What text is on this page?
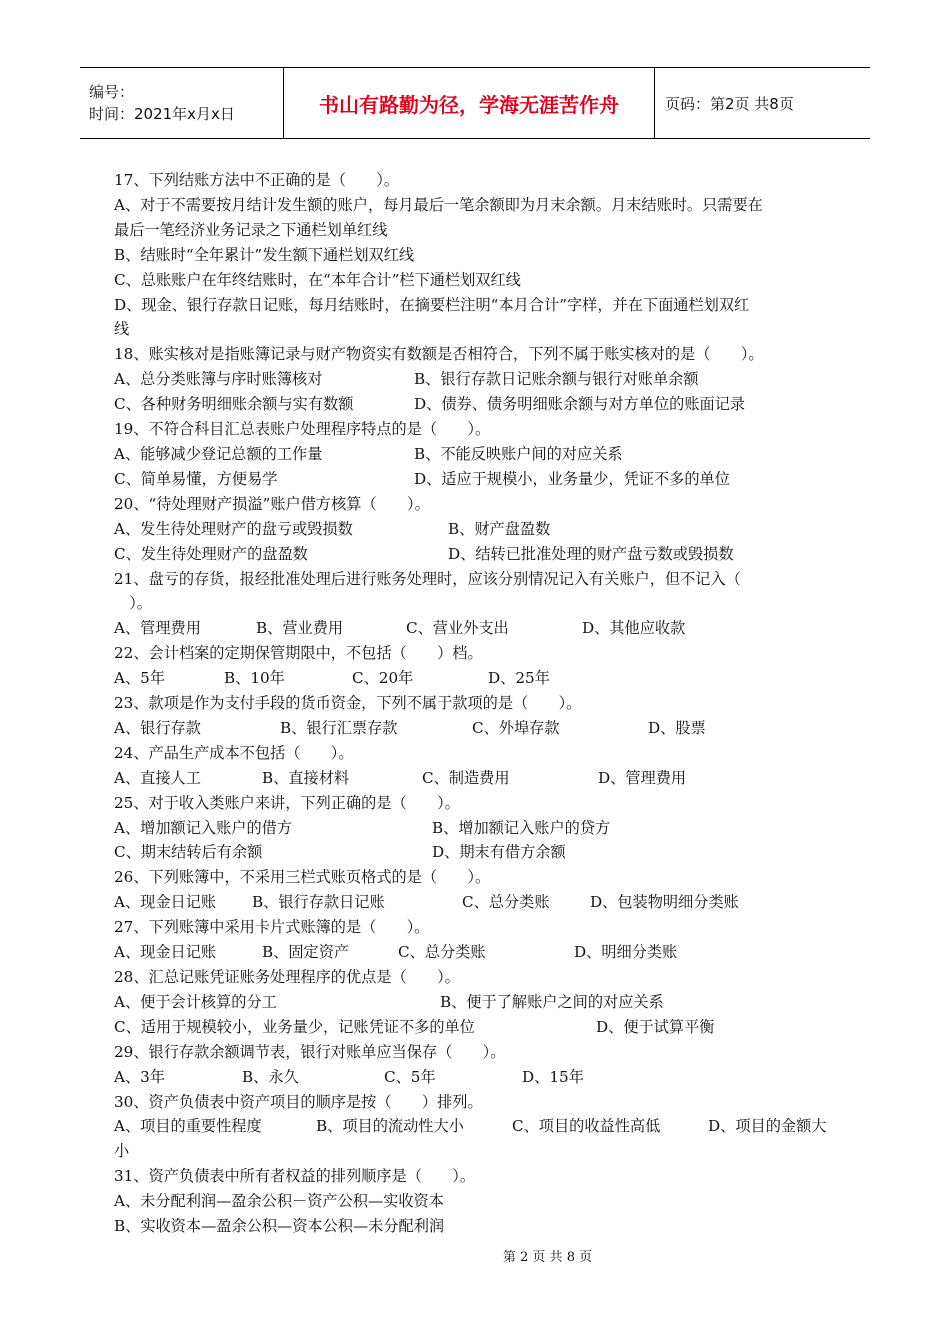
编号：
时间：2021年x月x日	书山有路勤为径，学海无涯苦作舟	页码：第2页 共8页
17、下列结账方法中不正确的是（　　）。
A、对于不需要按月结计发生额的账户，每月最后一笔余额即为月末余额。月末结账时。只需要在
最后一笔经济业务记录之下通栏划单红线
B、结账时“全年累计”发生额下通栏划双红线
C、总账账户在年终结账时，在“本年合计”栏下通栏划双红线
D、现金、银行存款日记账，每月结账时，在摘要栏注明“本月合计”字样，并在下面通栏划双红
线
18、账实核对是指账簿记录与财产物资实有数额是否相符合，下列不属于账实核对的是（　　）。
A、总分类账簿与序时账簿核对	B、银行存款日记账余额与银行对账单余额
C、各种财务明细账余额与实有数额	D、债券、债务明细账余额与对方单位的账面记录
19、不符合科目汇总表账户处理程序特点的是（　　）。
A、能够减少登记总额的工作量	B、不能反映账户间的对应关系
C、简单易懂，方便易学	D、适应于规模小，业务量少，凭证不多的单位
20、“待处理财产损溢”账户借方核算（　　）。
A、发生待处理财产的盘亏或毁损数	B、财产盘盈数
C、发生待处理财产的盘盈数	D、结转已批准处理的财产盘亏数或毁损数
21、盘亏的存货，报经批准处理后进行账务处理时，应该分别情况记入有关账户，但不记入（
　）。
A、管理费用	B、营业费用	C、营业外支出	D、其他应收款
22、会计档案的定期保管期限中，不包括（　　）档。
A、5年	B、10年	C、20年	D、25年
23、款项是作为支付手段的货币资金，下列不属于款项的是（　　）。
A、银行存款	B、银行汇票存款	C、外埠存款	D、股票
24、产品生产成本不包括（　　）。
A、直接人工	B、直接材料	C、制造费用	D、管理费用
25、对于收入类账户来讲，下列正确的是（　　）。
A、增加额记入账户的借方	B、增加额记入账户的贷方
C、期末结转后有余额	D、期末有借方余额
26、下列账簿中，不采用三栏式账页格式的是（　　）。
A、现金日记账	B、银行存款日记账	C、总分类账	D、包装物明细分类账
27、下列账簿中采用卡片式账簿的是（　　）。
A、现金日记账	B、固定资产	C、总分类账	D、明细分类账
28、汇总记账凭证账务处理程序的优点是（　　）。
A、便于会计核算的分工	B、便于了解账户之间的对应关系
C、适用于规模较小，业务量少，记账凭证不多的单位	D、便于试算平衡
29、银行存款余额调节表，银行对账单应当保存（　　）。
A、3年	B、永久	C、5年	D、15年
30、资产负债表中资产项目的顺序是按（　　）排列。
A、项目的重要性程度	B、项目的流动性大小	C、项目的收益性高低	D、项目的金额大
小
31、资产负债表中所有者权益的排列顺序是（　　）。
A、未分配利润—盈余公积－资产公积—实收资本
B、实收资本—盈余公积—资本公积—未分配利润
第 2 页 共 8 页
